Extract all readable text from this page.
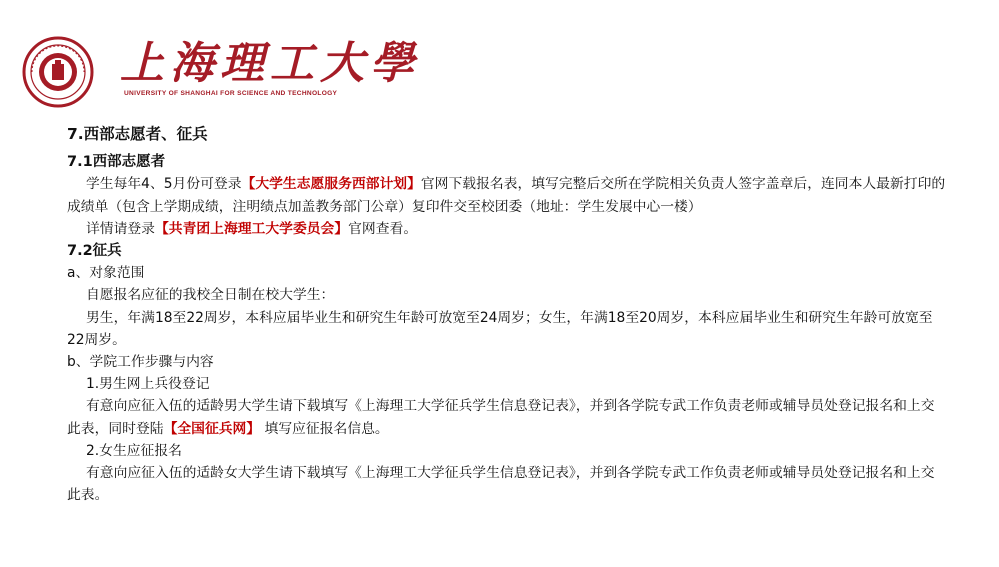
上海理工大學
UNIVERSITY OF SHANGHAI FOR SCIENCE AND TECHNOLOGY
7.西部志愿者、征兵
7.1西部志愿者
学生每年4、5月份可登录【大学生志愿服务西部计划】官网下载报名表，填写完整后交所在学院相关负责人签字盖章后，连同本人最新打印的成绩单（包含上学期成绩，注明绩点加盖教务部门公章）复印件交至校团委（地址：学生发展中心一楼）
详情请登录【共青团上海理工大学委员会】官网查看。
7.2征兵
a、对象范围
自愿报名应征的我校全日制在校大学生：
男生，年满18至22周岁，本科应届毕业生和研究生年龄可放宽至24周岁；女生，年满18至20周岁，本科应届毕业生和研究生年龄可放宽至22周岁。
b、学院工作步骤与内容
1.男生网上兵役登记
有意向应征入伍的适龄男大学生请下载填写《上海理工大学征兵学生信息登记表》，并到各学院专武工作负责老师或辅导员处登记报名和上交此表，同时登陆【全国征兵网】 填写应征报名信息。
2.女生应征报名
有意向应征入伍的适龄女大学生请下载填写《上海理工大学征兵学生信息登记表》，并到各学院专武工作负责老师或辅导员处登记报名和上交此表。
